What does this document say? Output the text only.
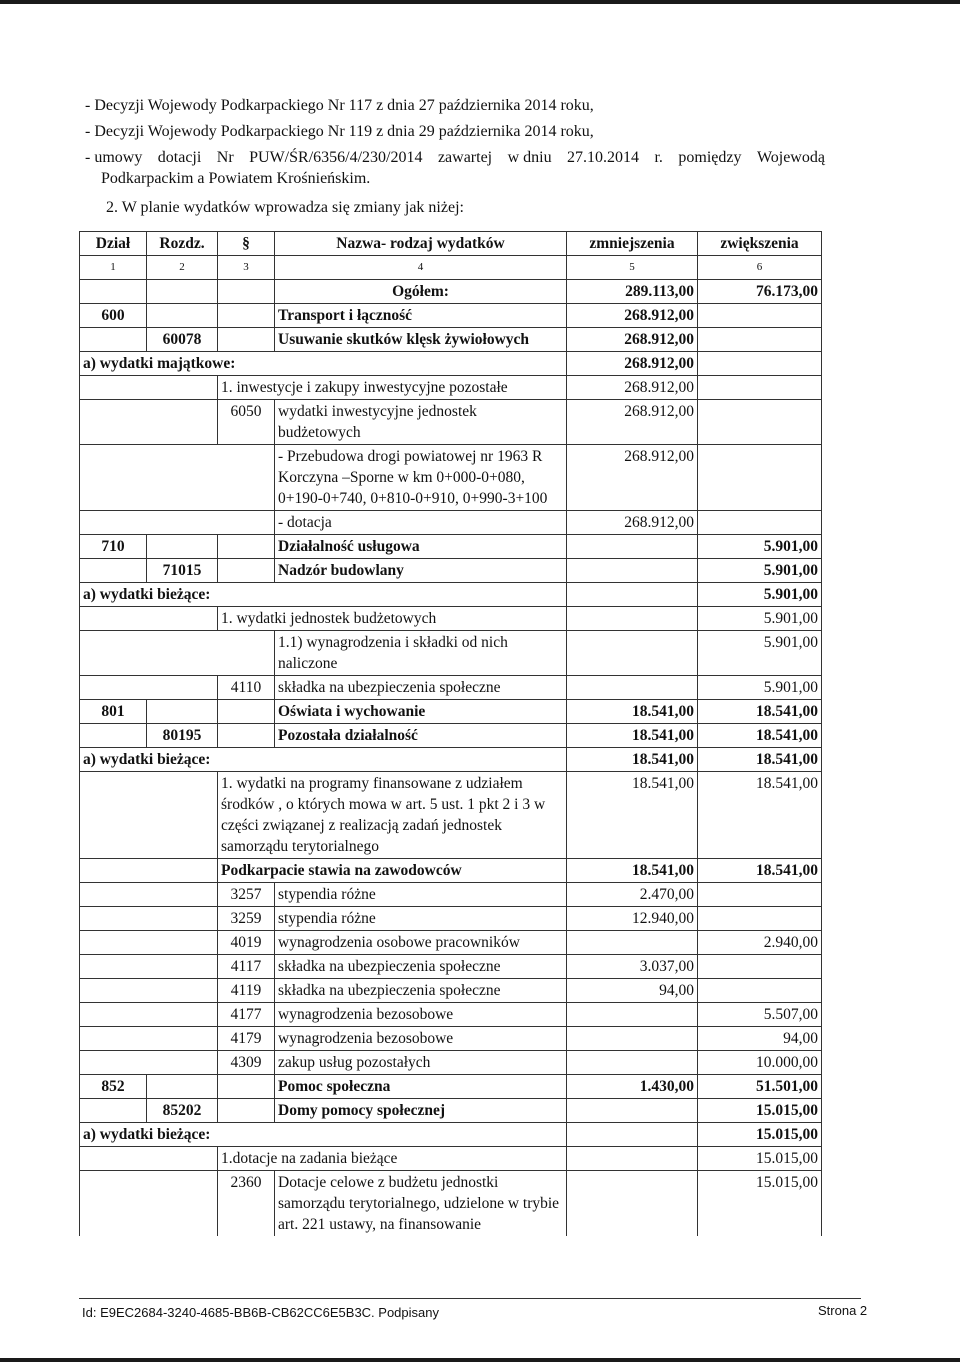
- Decyzji Wojewody Podkarpackiego Nr 117 z dnia 27 października 2014 roku,
- Decyzji Wojewody Podkarpackiego Nr 119 z dnia 29 października 2014 roku,
- umowy dotacji Nr PUW/ŚR/6356/4/230/2014 zawartej w dniu 27.10.2014 r. pomiędzy Wojewodą
Podkarpackim a Powiatem Krośnieńskim.
2. W planie wydatków wprowadza się zmiany jak niżej:
Dział	Rozdz.	§	Nazwa- rodzaj wydatków	zmniejszenia	zwiększenia
1	2	3	4	5	6
			Ogółem:	289.113,00	76.173,00
600			Transport i łączność	268.912,00	
	60078		Usuwanie skutków klęsk żywiołowych	268.912,00	
a) wydatki majątkowe:				268.912,00	
		1. inwestycje i zakupy inwestycyjne pozostałe		268.912,00	
		6050	wydatki inwestycyjne jednostek budżetowych	268.912,00	
			- Przebudowa drogi powiatowej nr 1963 R Korczyna –Sporne w km 0+000-0+080, 0+190-0+740, 0+810-0+910, 0+990-3+100	268.912,00	
			- dotacja	268.912,00	
710			Działalność usługowa		5.901,00
	71015		Nadzór budowlany		5.901,00
a) wydatki bieżące:					5.901,00
		1. wydatki jednostek budżetowych			5.901,00
			1.1) wynagrodzenia i składki od nich naliczone		5.901,00
		4110	składka na ubezpieczenia społeczne		5.901,00
801			Oświata i wychowanie	18.541,00	18.541,00
	80195		Pozostała działalność	18.541,00	18.541,00
a) wydatki bieżące:				18.541,00	18.541,00
		1. wydatki na programy finansowane z udziałem środków , o których mowa w art. 5 ust. 1 pkt 2 i 3 w części związanej z realizacją zadań jednostek samorządu terytorialnego		18.541,00	18.541,00
		Podkarpacie stawia na zawodowców		18.541,00	18.541,00
		3257	stypendia różne	2.470,00	
		3259	stypendia różne	12.940,00	
		4019	wynagrodzenia osobowe pracowników		2.940,00
		4117	składka na ubezpieczenia społeczne	3.037,00	
		4119	składka na ubezpieczenia społeczne	94,00	
		4177	wynagrodzenia bezosobowe		5.507,00
		4179	wynagrodzenia bezosobowe		94,00
		4309	zakup usług pozostałych		10.000,00
852			Pomoc społeczna	1.430,00	51.501,00
	85202		Domy pomocy społecznej		15.015,00
a) wydatki bieżące:					15.015,00
		1.dotacje na zadania bieżące			15.015,00
		2360	Dotacje celowe z budżetu jednostki samorządu terytorialnego, udzielone w trybie art. 221 ustawy, na finansowanie		15.015,00
Id: E9EC2684-3240-4685-BB6B-CB62CC6E5B3C. Podpisany	Strona 2
